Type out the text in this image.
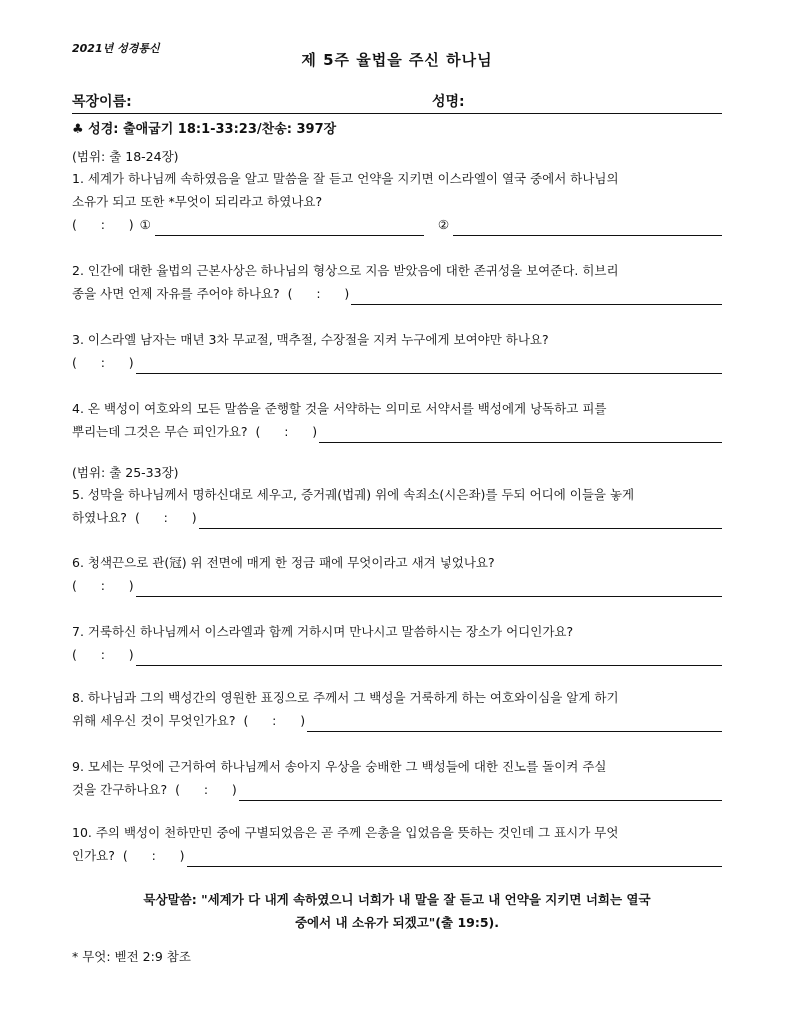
2021년 성경통신
제 5주 율법을 주신 하나님
목장이름:	성명:
♣ 성경: 출애굽기 18:1-33:23/찬송: 397장
(범위: 출 18-24장)
1. 세계가 하나님께 속하였음을 알고 말씀을 잘 듣고 언약을 지키면 이스라엘이 열국 중에서 하나님의
소유가 되고 또한 *무엇이 되리라고 하였나요?
(      :      ) ①	②
2. 인간에 대한 율법의 근본사상은 하나님의 형상으로 지음 받았음에 대한 존귀성을 보여준다. 히브리
종을 사면 언제 자유를 주어야 하나요? (      :      )
3. 이스라엘 남자는 매년 3차 무교절, 맥추절, 수장절을 지켜 누구에게 보여야만 하나요?
(      :      )
4. 온 백성이 여호와의 모든 말씀을 준행할 것을 서약하는 의미로 서약서를 백성에게 낭독하고 피를
뿌리는데 그것은 무슨 피인가요? (      :      )
(범위: 출 25-33장)
5. 성막을 하나님께서 명하신대로 세우고, 증거궤(법궤) 위에 속죄소(시은좌)를 두되 어디에 이들을 놓게
하였나요? (      :      )
6. 청색끈으로 관(冠) 위 전면에 매게 한 정금 패에 무엇이라고 새겨 넣었나요?
(      :      )
7. 거룩하신 하나님께서 이스라엘과 함께 거하시며 만나시고 말씀하시는 장소가 어디인가요?
(      :      )
8. 하나님과 그의 백성간의 영원한 표징으로 주께서 그 백성을 거룩하게 하는 여호와이심을 알게 하기
위해 세우신 것이 무엇인가요? (      :      )
9. 모세는 무엇에 근거하여 하나님께서 송아지 우상을 숭배한 그 백성들에 대한 진노를 돌이켜 주실
것을 간구하나요? (      :      )
10. 주의 백성이 천하만민 중에 구별되었음은 곧 주께 은총을 입었음을 뜻하는 것인데 그 표시가 무엇
인가요? (      :      )
묵상말씀: "세계가 다 내게 속하였으니 너희가 내 말을 잘 듣고 내 언약을 지키면 너희는 열국
중에서 내 소유가 되겠고"(출 19:5).
* 무엇: 벧전 2:9 참조
